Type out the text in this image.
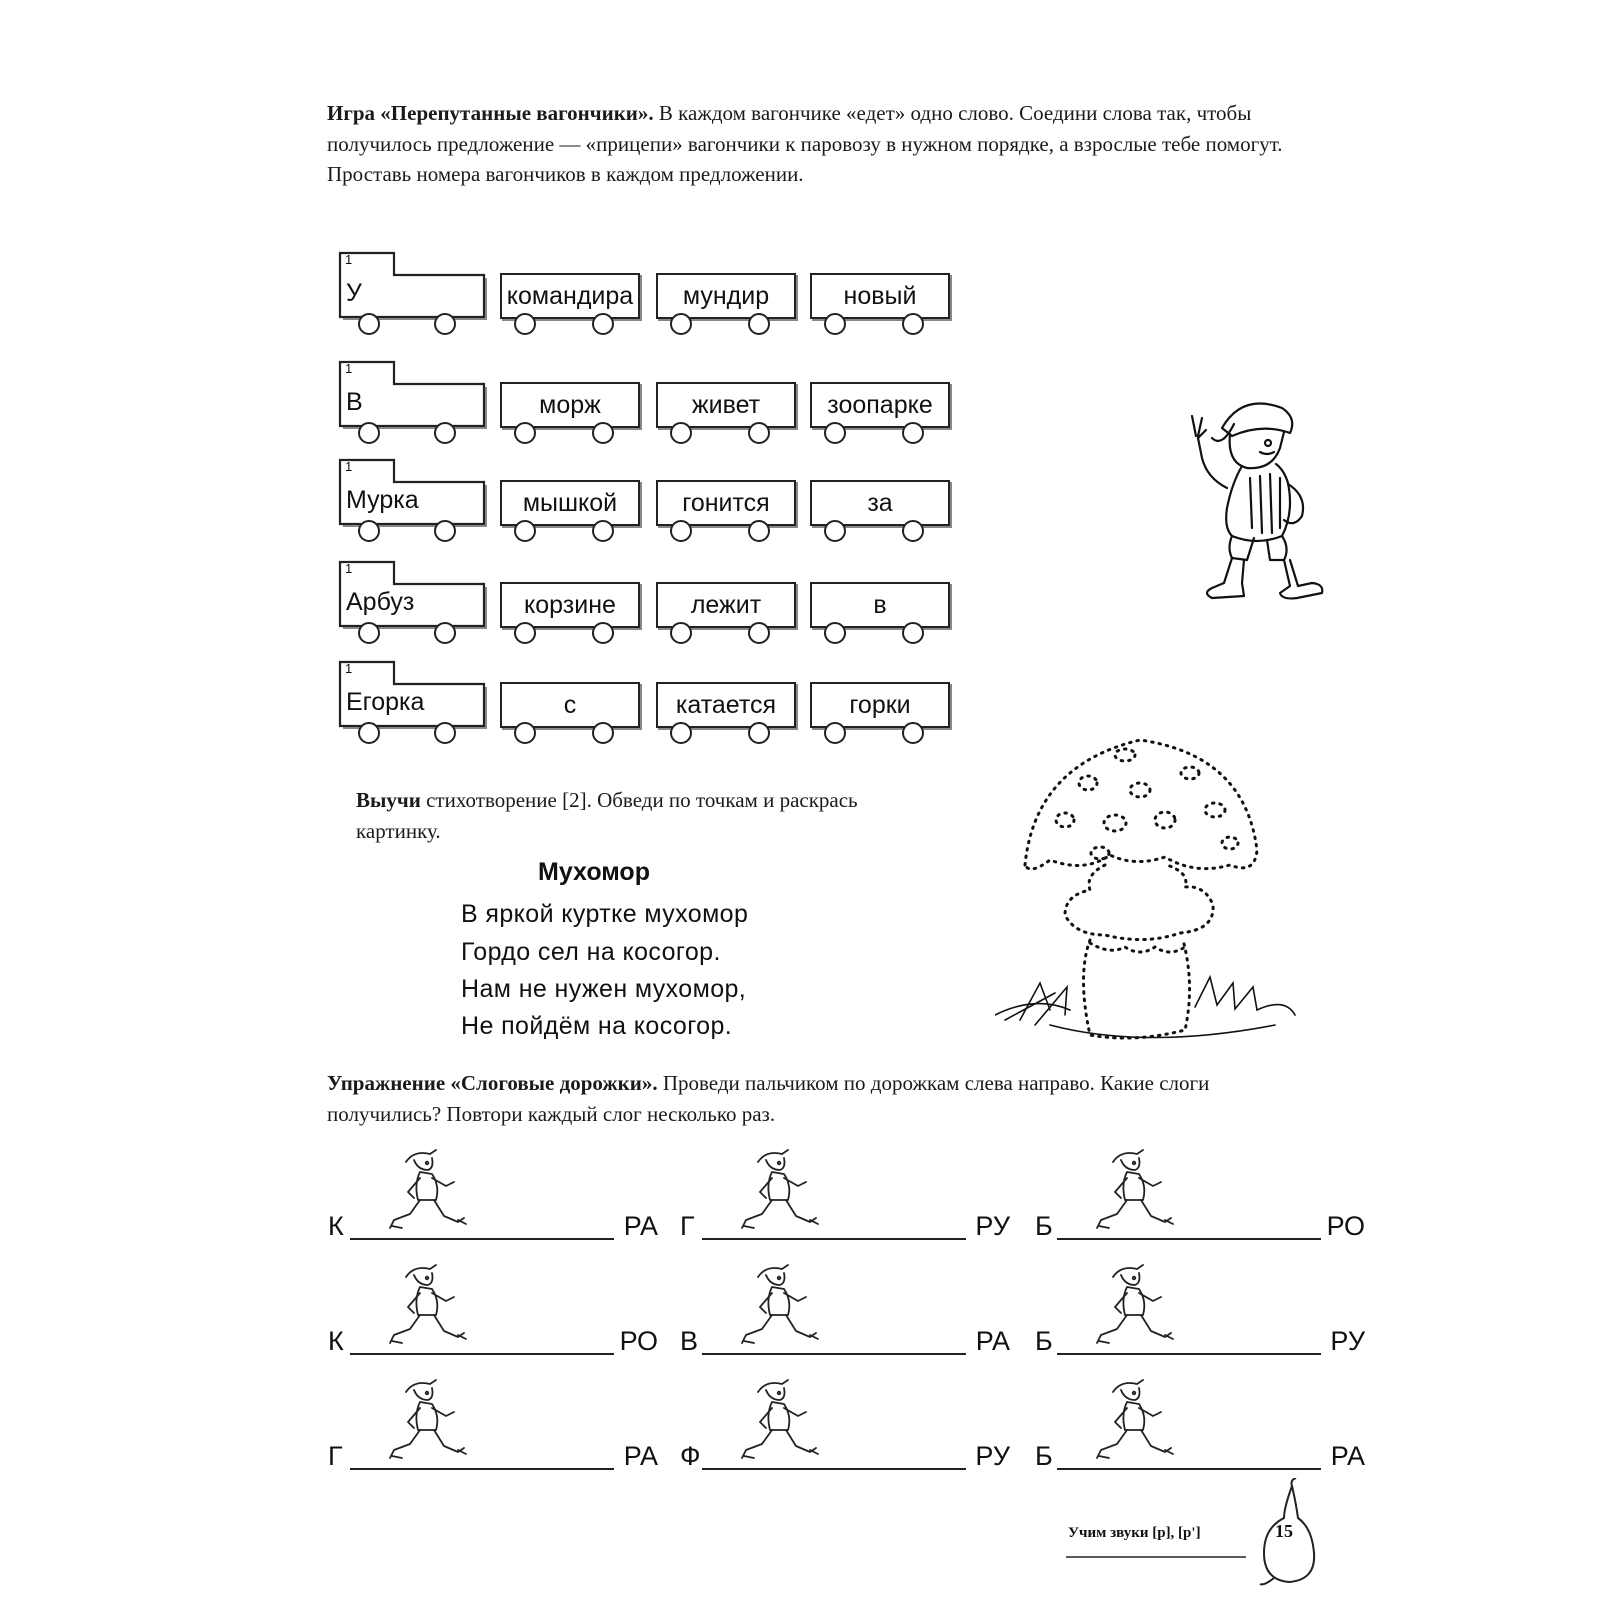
Игра «Перепутанные вагончики». В каждом вагончике «едет» одно слово. Соедини слова так, чтобы получилось предложение — «прицепи» вагончики к паровозу в нужном порядке, а взрослые тебе помогут. Проставь номера вагончиков в каждом предложении.

1
У	командира	мундир	новый
1
В	морж	живет	зоопарке
1
Мурка	мышкой	гонится	за
1
Арбуз	корзине	лежит	в
1
Егорка	с	катается	горки

Выучи стихотворение [2]. Обведи по точкам и раскрась картинку.

Мухомор
В яркой куртке мухомор
Гордо сел на косогор.
Нам не нужен мухомор,
Не пойдём на косогор.

Упражнение «Слоговые дорожки». Проведи пальчиком по дорожкам слева направо. Какие слоги получились? Повтори каждый слог несколько раз.

К	РА Г	РУ Б	РО
К	РО В	РА Б	РУ
Г	РА Ф	РУ Б	РА
Учим звуки [р], [р']	15
